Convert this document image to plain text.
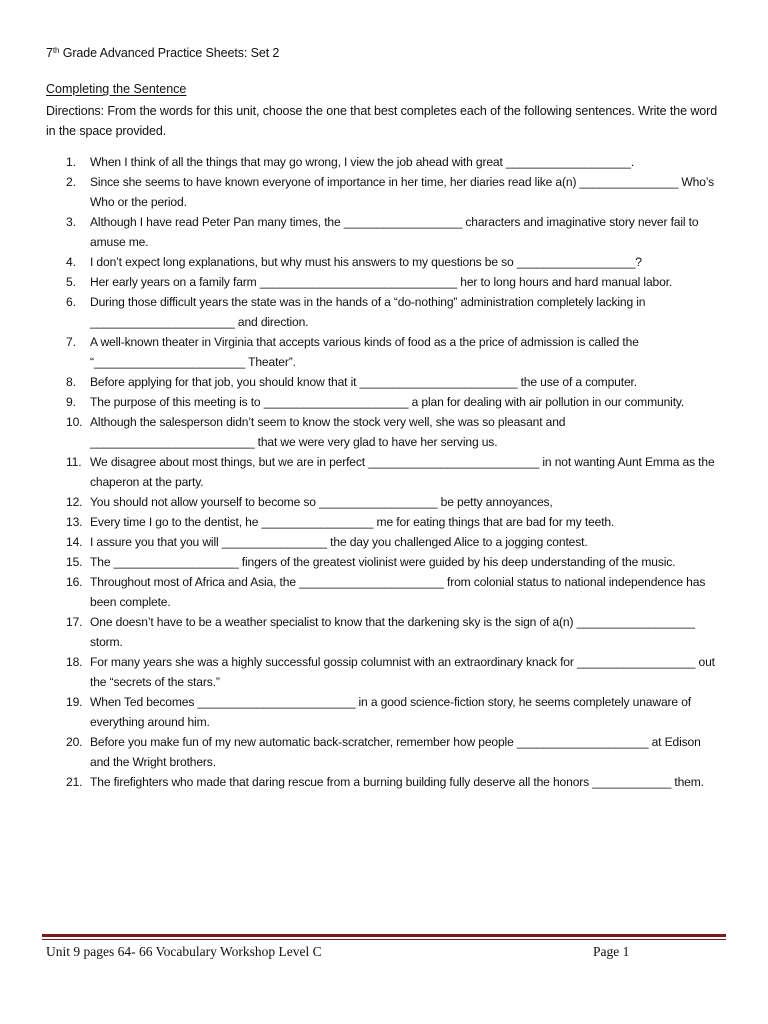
7th Grade Advanced Practice Sheets: Set 2
Completing the Sentence
Directions: From the words for this unit, choose the one that best completes each of the following sentences. Write the word in the space provided.
1. When I think of all the things that may go wrong, I view the job ahead with great ___________________.
2. Since she seems to have known everyone of importance in her time, her diaries read like a(n) _______________ Who’s Who or the period.
3. Although I have read Peter Pan many times, the __________________ characters and imaginative story never fail to amuse me.
4. I don’t expect long explanations, but why must his answers to my questions be so __________________?
5. Her early years on a family farm ______________________________ her to long hours and hard manual labor.
6. During those difficult years the state was in the hands of a “do-nothing” administration completely lacking in ______________________ and direction.
7. A well-known theater in Virginia that accepts various kinds of food as a the price of admission is called the “_______________________ Theater”.
8. Before applying for that job, you should know that it ________________________ the use of a computer.
9. The purpose of this meeting is to ______________________ a plan for dealing with air pollution in our community.
10. Although the salesperson didn’t seem to know the stock very well, she was so pleasant and _________________________ that we were very glad to have her serving us.
11. We disagree about most things, but we are in perfect __________________________ in not wanting Aunt Emma as the chaperon at the party.
12. You should not allow yourself to become so __________________ be petty annoyances,
13. Every time I go to the dentist, he _________________ me for eating things that are bad for my teeth.
14. I assure you that you will ________________ the day you challenged Alice to a jogging contest.
15. The ___________________ fingers of the greatest violinist were guided by his deep understanding of the music.
16. Throughout most of Africa and Asia, the ______________________ from colonial status to national independence has been complete.
17. One doesn’t have to be a weather specialist to know that the darkening sky is the sign of a(n) __________________ storm.
18. For many years she was a highly successful gossip columnist with an extraordinary knack for __________________ out the “secrets of the stars.”
19. When Ted becomes ________________________ in a good science-fiction story, he seems completely unaware of everything around him.
20. Before you make fun of my new automatic back-scratcher, remember how people ____________________ at Edison and the Wright brothers.
21. The firefighters who made that daring rescue from a burning building fully deserve all the honors ____________ them.
Unit 9 pages 64- 66 Vocabulary Workshop Level C	Page 1
